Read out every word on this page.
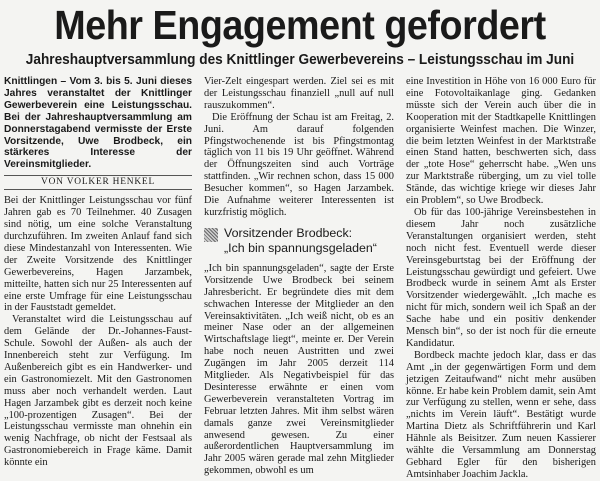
Mehr Engagement gefordert
Jahreshauptversammlung des Knittlinger Gewerbevereins – Leistungsschau im Juni

Knittlingen – Vom 3. bis 5. Juni dieses Jahres veranstaltet der Knittlinger Gewerbeverein eine Leistungsschau. Bei der Jahreshauptversammlung am Donnerstagabend vermisste der Erste Vorsitzende, Uwe Brodbeck, ein stärkeres Interesse der Vereinsmitglieder.

VON VOLKER HENKEL

Bei der Knittlinger Leistungsschau vor fünf Jahren gab es 70 Teilnehmer. 40 Zusagen sind nötig, um eine solche Veranstaltung durchzuführen. Im zweiten Anlauf fand sich diese Mindestanzahl von Interessenten. Wie der Zweite Vorsitzende des Knittlinger Gewerbevereins, Hagen Jarzambek, mitteilte, hatten sich nur 25 Interessenten auf eine erste Umfrage für eine Leistungsschau in der Fauststadt gemeldet.

Veranstaltet wird die Leistungsschau auf dem Gelände der Dr.-Johannes-Faust-Schule. Sowohl der Außen- als auch der Innenbereich steht zur Verfügung. Im Außenbereich gibt es ein Handwerker- und ein Gastronomiezelt. Mit den Gastronomen muss aber noch verhandelt werden. Laut Hagen Jarzambek gibt es derzeit noch keine „100-prozentigen Zusagen“. Bei der Leistungsschau vermisste man ohnehin ein wenig Nachfrage, ob nicht der Festsaal als Gastronomiebereich in Frage käme. Damit könnte ein

Vier-Zelt eingespart werden. Ziel sei es mit der Leistungsschau finanziell „null auf null rauszukommen“.

Die Eröffnung der Schau ist am Freitag, 2. Juni. Am darauf folgenden Pfingstwochenende ist bis Pfingstmontag täglich von 11 bis 19 Uhr geöffnet. Während der Öffnungszeiten sind auch Vorträge stattfinden. „Wir rechnen schon, dass 15 000 Besucher kommen“, so Hagen Jarzambek. Die Aufnahme weiterer Interessenten ist kurzfristig möglich.

Vorsitzender Brodbeck:
„Ich bin spannungsgeladen“

„Ich bin spannungsgeladen“, sagte der Erste Vorsitzende Uwe Brodbeck bei seinem Jahresbericht. Er begründete dies mit dem schwachen Interesse der Mitglieder an den Vereinsaktivitäten. „Ich weiß nicht, ob es an meiner Nase oder an der allgemeinen Wirtschaftslage liegt“, meinte er. Der Verein habe noch neuen Austritten und zwei Zugängen im Jahr 2005 derzeit 114 Mitglieder. Als Negativbeispiel für das Desinteresse erwähnte er einen vom Gewerbeverein veranstalteten Vortrag im Februar letzten Jahres. Mit ihm selbst wären damals ganze zwei Vereinsmitglieder anwesend gewesen. Zu einer außerordentlichen Hauptversammlung im Jahr 2005 wären gerade mal zehn Mitglieder gekommen, obwohl es um

eine Investition in Höhe von 16 000 Euro für eine Fotovoltaikanlage ging. Gedanken müsste sich der Verein auch über die in Kooperation mit der Stadtkapelle Knittlingen organisierte Weinfest machen. Die Winzer, die beim letzten Weinfest in der Marktstraße einen Stand hatten, beschwerten sich, dass der „tote Hose“ geherrscht habe. „Wen uns zur Marktstraße rüberging, um zu viel tolle Stände, das wichtige kriege wir dieses Jahr ein Problem“, so Uwe Brodbeck.

Ob für das 100-jährige Vereinsbestehen in diesem Jahr noch zusätzliche Veranstaltungen organisiert werden, steht noch nicht fest. Eventuell werde dieser Vereinsgeburtstag bei der Eröffnung der Leistungsschau gewürdigt und gefeiert. Uwe Brodbeck wurde in seinem Amt als Erster Vorsitzender wiedergewählt. „Ich mache es nicht für mich, sondern weil ich Spaß an der Sache habe und ein positiv denkender Mensch bin“, so der ist noch für die erneute Kandidatur.

Bordbeck machte jedoch klar, dass er das Amt „in der gegenwärtigen Form und dem jetzigen Zeitaufwand“ nicht mehr ausüben könne. Er habe kein Problem damit, sein Amt zur Verfügung zu stellen, wenn er sehe, dass „nichts im Verein läuft“. Bestätigt wurde Martina Dietz als Schriftführerin und Karl Hähnle als Beisitzer. Zum neuen Kassierer wählte die Versammlung am Donnerstag Gebhard Egler für den bisherigen Amtsinhaber Joachim Jackla.
